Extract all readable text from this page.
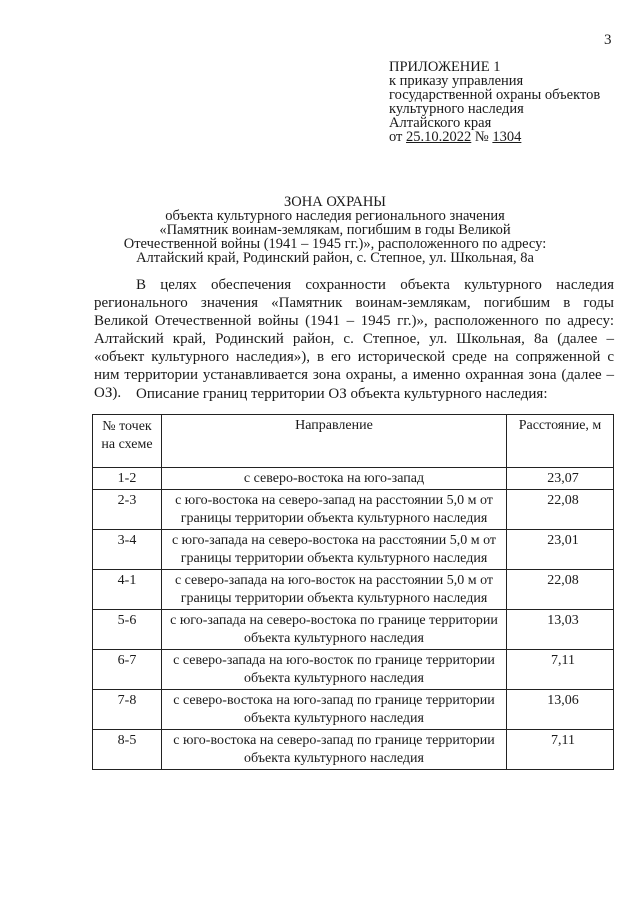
3
ПРИЛОЖЕНИЕ 1
к приказу управления
государственной охраны объектов
культурного наследия
Алтайского края
от 25.10.2022 № 1304
ЗОНА ОХРАНЫ
объекта культурного наследия регионального значения
«Памятник воинам-землякам, погибшим в годы Великой
Отечественной войны (1941 – 1945 гг.)», расположенного по адресу:
Алтайский край, Родинский район, с. Степное, ул. Школьная, 8а
В целях обеспечения сохранности объекта культурного наследия регионального значения «Памятник воинам-землякам, погибшим в годы Великой Отечественной войны (1941 – 1945 гг.)», расположенного по адресу: Алтайский край, Родинский район, с. Степное, ул. Школьная, 8а (далее – «объект культурного наследия»), в его исторической среде на сопряженной с ним территории устанавливается зона охраны, а именно охранная зона (далее – ОЗ). Описание границ территории ОЗ объекта культурного наследия:
№ точек на схеме	Направление	Расстояние, м
1-2	с северо-востока на юго-запад	23,07
2-3	с юго-востока на северо-запад на расстоянии 5,0 м от границы территории объекта культурного наследия	22,08
3-4	с юго-запада на северо-востока на расстоянии 5,0 м от границы территории объекта культурного наследия	23,01
4-1	с северо-запада на юго-восток на расстоянии 5,0 м от границы территории объекта культурного наследия	22,08
5-6	с юго-запада на северо-востока по границе территории объекта культурного наследия	13,03
6-7	с северо-запада на юго-восток по границе территории объекта культурного наследия	7,11
7-8	с северо-востока на юго-запад по границе территории объекта культурного наследия	13,06
8-5	с юго-востока на северо-запад по границе территории объекта культурного наследия	7,11
